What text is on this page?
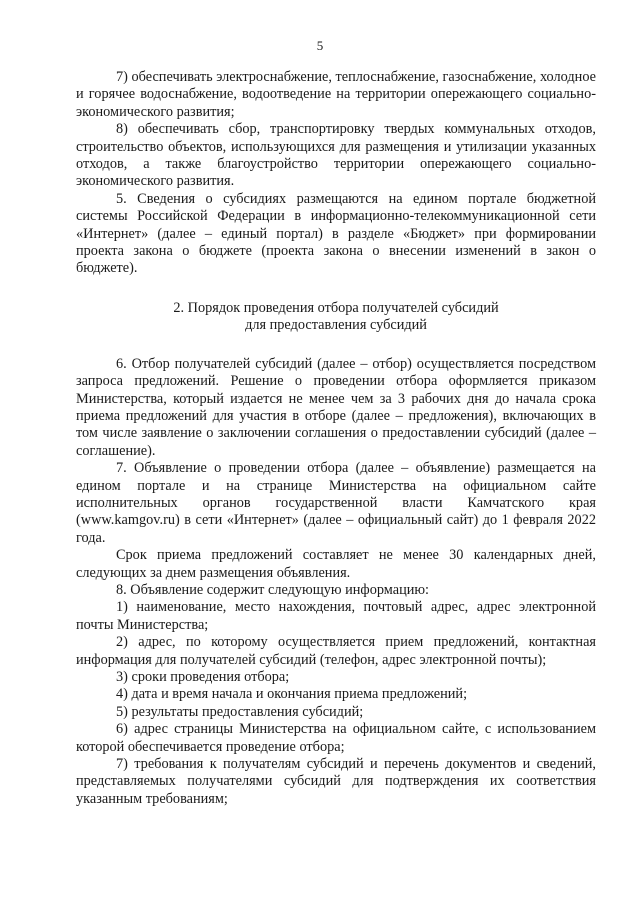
5

7) обеспечивать электроснабжение, теплоснабжение, газоснабжение, холодное и горячее водоснабжение, водоотведение на территории опережающего социально-экономического развития;

8) обеспечивать сбор, транспортировку твердых коммунальных отходов, строительство объектов, использующихся для размещения и утилизации указанных отходов, а также благоустройство территории опережающего социально-экономического развития.

5. Сведения о субсидиях размещаются на едином портале бюджетной системы Российской Федерации в информационно-телекоммуникационной сети «Интернет» (далее – единый портал) в разделе «Бюджет» при формировании проекта закона о бюджете (проекта закона о внесении изменений в закон о бюджете).

2. Порядок проведения отбора получателей субсидий
для предоставления субсидий

6. Отбор получателей субсидий (далее – отбор) осуществляется посредством запроса предложений. Решение о проведении отбора оформляется приказом Министерства, который издается не менее чем за 3 рабочих дня до начала срока приема предложений для участия в отборе (далее – предложения), включающих в том числе заявление о заключении соглашения о предоставлении субсидий (далее – соглашение).

7. Объявление о проведении отбора (далее – объявление) размещается на едином портале и на странице Министерства на официальном сайте исполнительных органов государственной власти Камчатского края (www.kamgov.ru) в сети «Интернет» (далее – официальный сайт) до 1 февраля 2022 года.

Срок приема предложений составляет не менее 30 календарных дней, следующих за днем размещения объявления.

8. Объявление содержит следующую информацию:

1) наименование, место нахождения, почтовый адрес, адрес электронной почты Министерства;

2) адрес, по которому осуществляется прием предложений, контактная информация для получателей субсидий (телефон, адрес электронной почты);

3) сроки проведения отбора;

4) дата и время начала и окончания приема предложений;

5) результаты предоставления субсидий;

6) адрес страницы Министерства на официальном сайте, с использованием которой обеспечивается проведение отбора;

7) требования к получателям субсидий и перечень документов и сведений, представляемых получателями субсидий для подтверждения их соответствия указанным требованиям;
